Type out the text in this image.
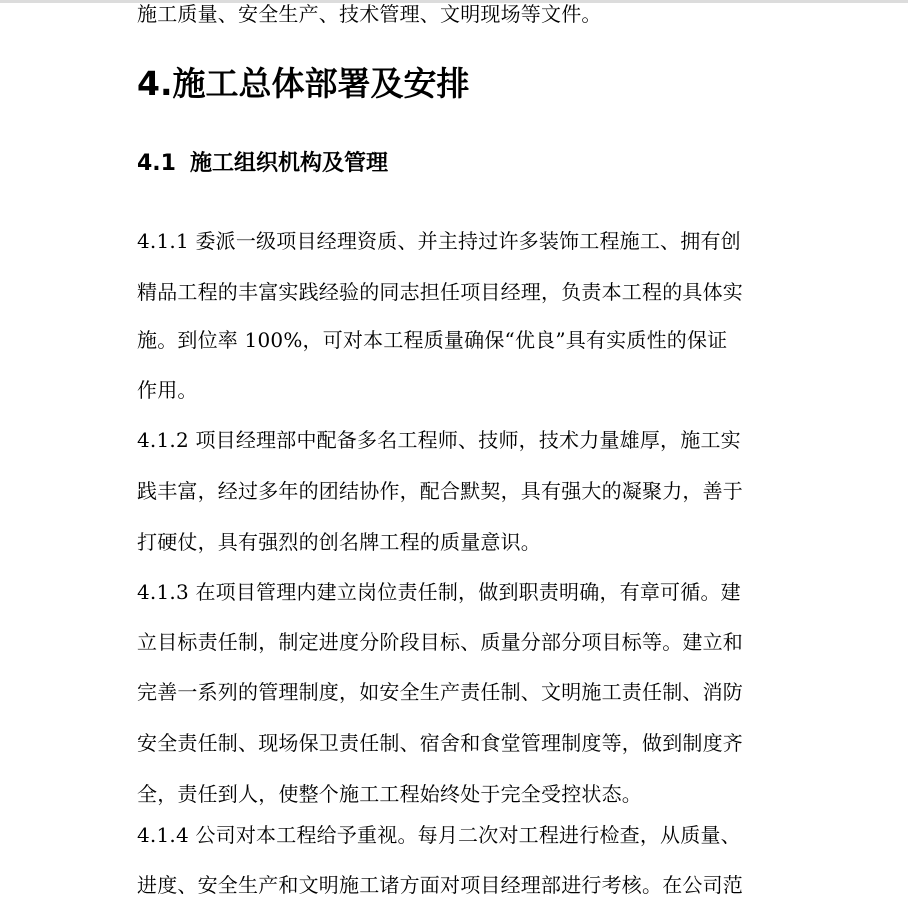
施工质量、安全生产、技术管理、文明现场等文件。
4.施工总体部署及安排
4.1 施工组织机构及管理
4.1.1 委派一级项目经理资质、并主持过许多装饰工程施工、拥有创
精品工程的丰富实践经验的同志担任项目经理，负责本工程的具体实
施。到位率 100%，可对本工程质量确保“优良”具有实质性的保证
作用。
4.1.2 项目经理部中配备多名工程师、技师，技术力量雄厚，施工实
践丰富，经过多年的团结协作，配合默契，具有强大的凝聚力，善于
打硬仗，具有强烈的创名牌工程的质量意识。
4.1.3 在项目管理内建立岗位责任制，做到职责明确，有章可循。建
立目标责任制，制定进度分阶段目标、质量分部分项目标等。建立和
完善一系列的管理制度，如安全生产责任制、文明施工责任制、消防
安全责任制、现场保卫责任制、宿舍和食堂管理制度等，做到制度齐
全，责任到人，使整个施工工程始终处于完全受控状态。
4.1.4 公司对本工程给予重视。每月二次对工程进行检查，从质量、
进度、安全生产和文明施工诸方面对项目经理部进行考核。在公司范
